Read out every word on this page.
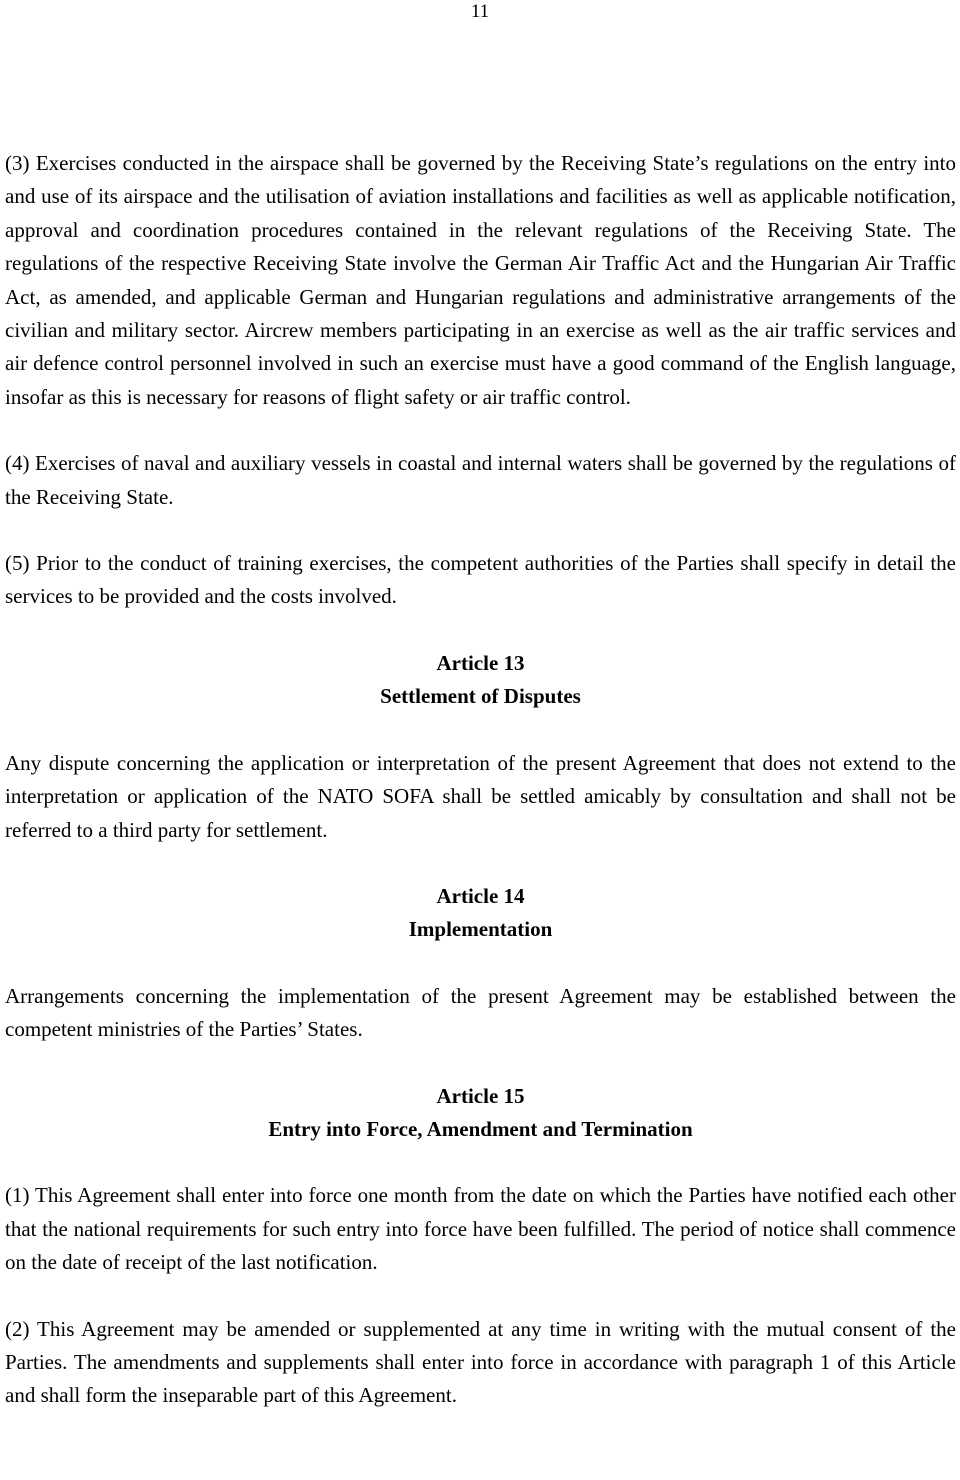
11

(3) Exercises conducted in the airspace shall be governed by the Receiving State’s regulations on the entry into and use of its airspace and the utilisation of aviation installations and facilities as well as applicable notification, approval and coordination procedures contained in the relevant regulations of the Receiving State. The regulations of the respective Receiving State involve the German Air Traffic Act and the Hungarian Air Traffic Act, as amended, and applicable German and Hungarian regulations and administrative arrangements of the civilian and military sector. Aircrew members participating in an exercise as well as the air traffic services and air defence control personnel involved in such an exercise must have a good command of the English language, insofar as this is necessary for reasons of flight safety or air traffic control.

(4) Exercises of naval and auxiliary vessels in coastal and internal waters shall be governed by the regulations of the Receiving State.

(5) Prior to the conduct of training exercises, the competent authorities of the Parties shall specify in detail the services to be provided and the costs involved.

Article 13

Settlement of Disputes

Any dispute concerning the application or interpretation of the present Agreement that does not extend to the interpretation or application of the NATO SOFA shall be settled amicably by consultation and shall not be referred to a third party for settlement.

Article 14

Implementation

Arrangements concerning the implementation of the present Agreement may be established between the competent ministries of the Parties’ States.

Article 15

Entry into Force, Amendment and Termination

(1) This Agreement shall enter into force one month from the date on which the Parties have notified each other that the national requirements for such entry into force have been fulfilled. The period of notice shall commence on the date of receipt of the last notification.

(2) This Agreement may be amended or supplemented at any time in writing with the mutual consent of the Parties. The amendments and supplements shall enter into force in accordance with paragraph 1 of this Article and shall form the inseparable part of this Agreement.
